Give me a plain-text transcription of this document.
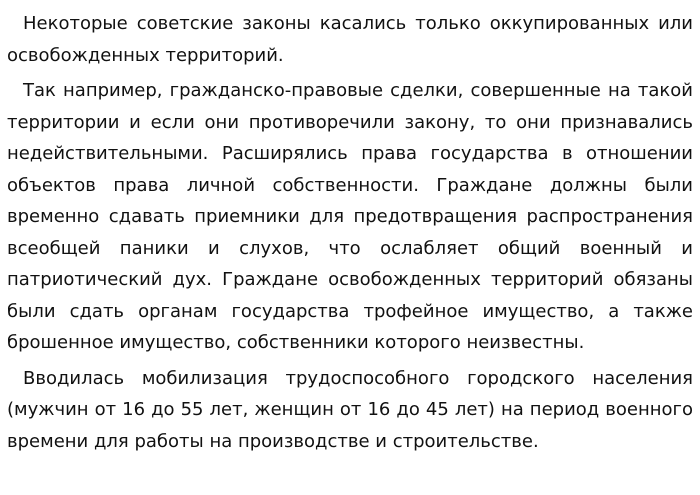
Некоторые советские законы касались только оккупированных или освобожденных территорий.

Так например, гражданско-правовые сделки, совершенные на такой территории и если они противоречили закону, то они признавались недействительными. Расширялись права государства в отношении объектов права личной собственности. Граждане должны были временно сдавать приемники для предотвращения распространения всеобщей паники и слухов, что ослабляет общий военный и патриотический дух. Граждане освобожденных территорий обязаны были сдать органам государства трофейное имущество, а также брошенное имущество, собственники которого неизвестны.

Вводилась мобилизация трудоспособного городского населения (мужчин от 16 до 55 лет, женщин от 16 до 45 лет) на период военного времени для работы на производстве и строительстве.
